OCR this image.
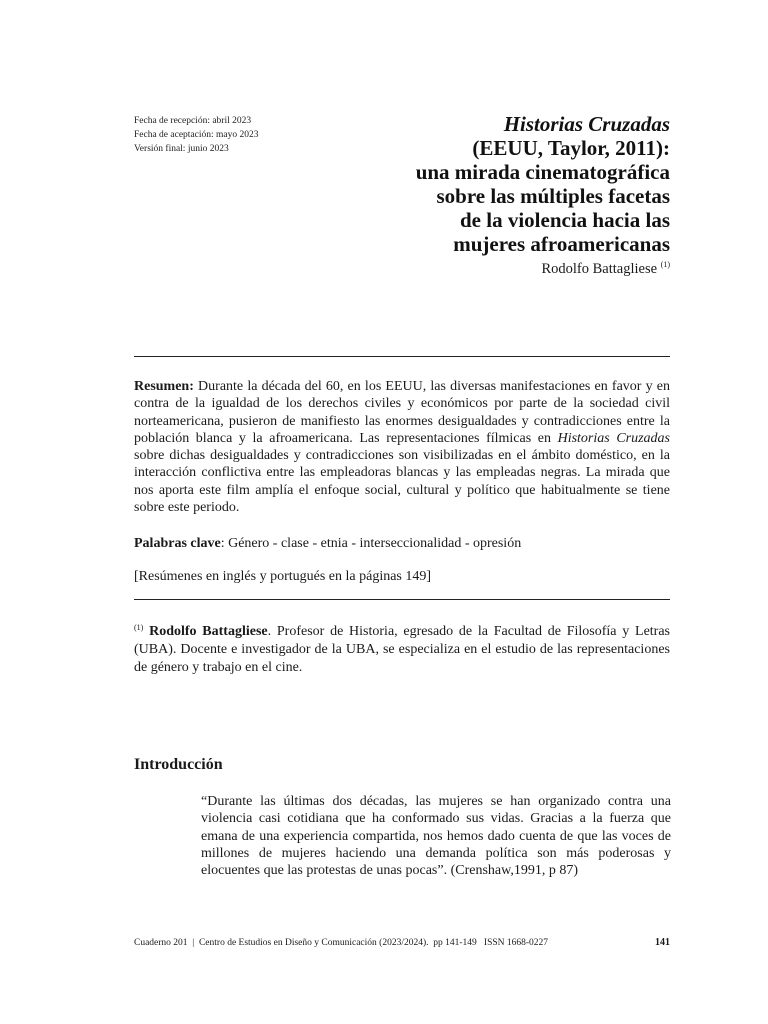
Fecha de recepción: abril 2023
Fecha de aceptación: mayo 2023
Versión final: junio 2023
Historias Cruzadas
(EEUU, Taylor, 2011):
una mirada cinematográfica
sobre las múltiples facetas
de la violencia hacia las
mujeres afroamericanas
Rodolfo Battagliese $^{(1)}$

Resumen: Durante la década del 60, en los EEUU, las diversas manifestaciones en favor y en contra de la igualdad de los derechos civiles y económicos por parte de la sociedad civil norteamericana, pusieron de manifiesto las enormes desigualdades y contradicciones entre la población blanca y la afroamericana. Las representaciones fílmicas en Historias Cruzadas sobre dichas desigualdades y contradicciones son visibilizadas en el ámbito doméstico, en la interacción conflictiva entre las empleadoras blancas y las empleadas negras. La mirada que nos aporta este film amplía el enfoque social, cultural y político que habitualmente se tiene sobre este periodo.

Palabras clave: Género - clase - etnia - interseccionalidad - opresión

[Resúmenes en inglés y portugués en la páginas 149]

$^{(1)}$ Rodolfo Battagliese. Profesor de Historia, egresado de la Facultad de Filosofía y Letras (UBA). Docente e investigador de la UBA, se especializa en el estudio de las representaciones de género y trabajo en el cine.

Introducción

“Durante las últimas dos décadas, las mujeres se han organizado contra una violencia casi cotidiana que ha conformado sus vidas. Gracias a la fuerza que emana de una experiencia compartida, nos hemos dado cuenta de que las voces de millones de mujeres haciendo una demanda política son más poderosas y elocuentes que las protestas de unas pocas”. (Crenshaw,1991, p 87)

Cuaderno 201  |  Centro de Estudios en Diseño y Comunicación (2023/2024).  pp 141-149   ISSN 1668-0227	141
